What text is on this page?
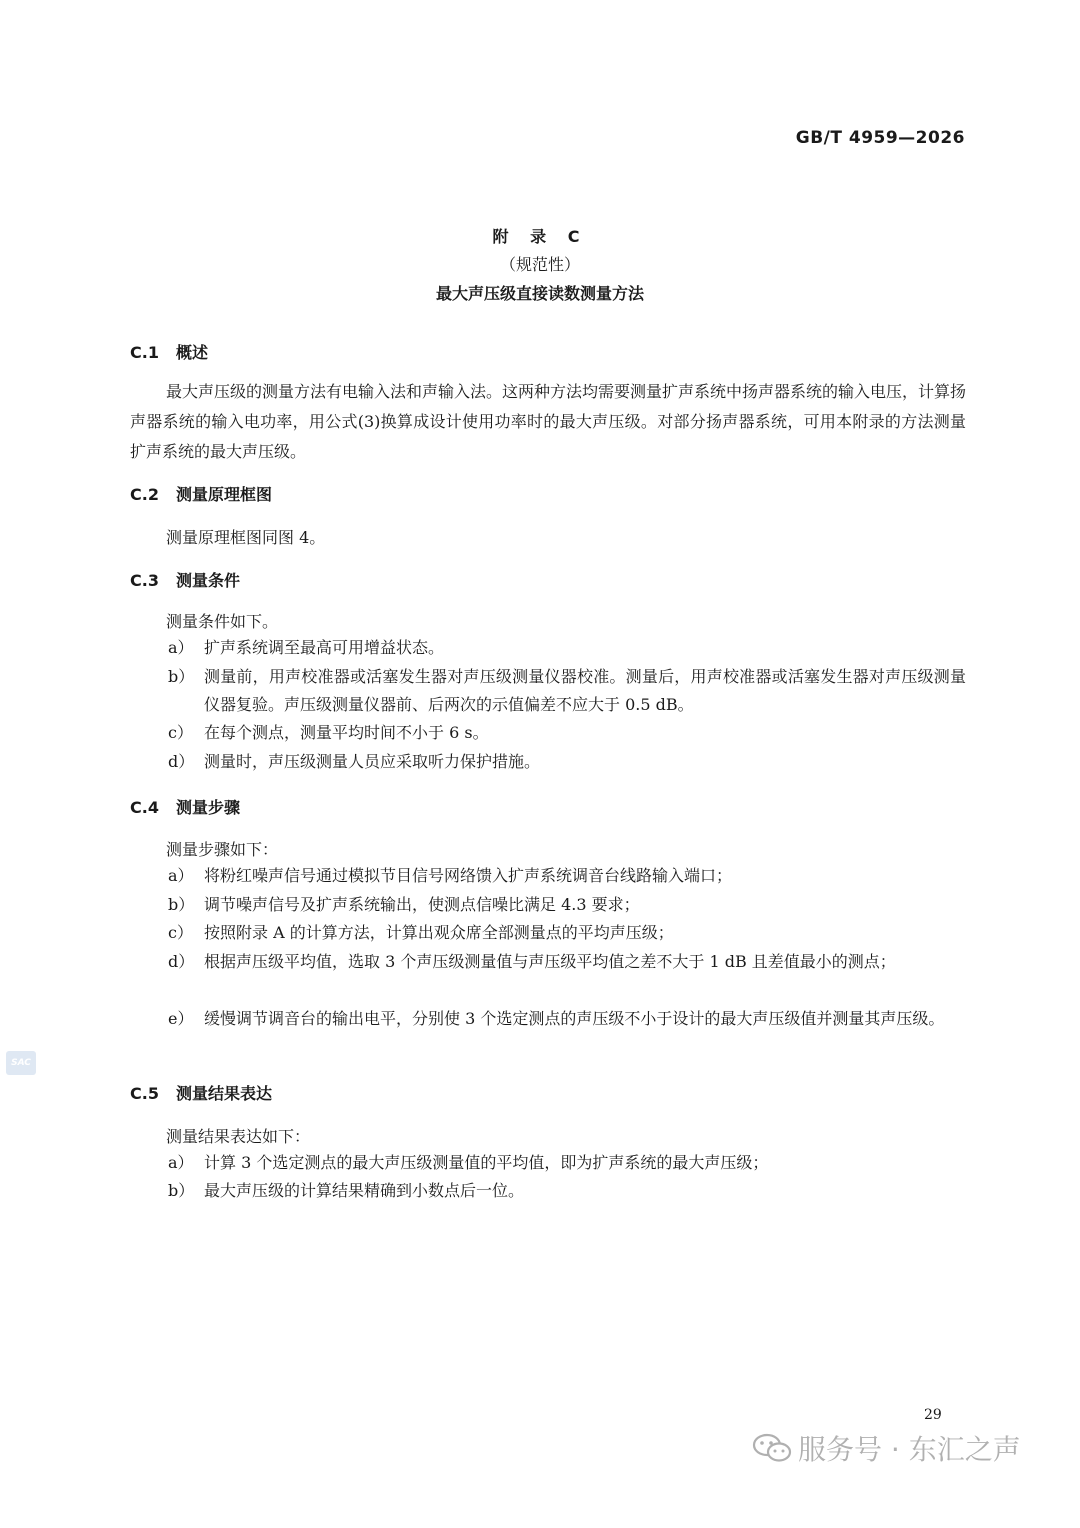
GB/T 4959—2026
附 录 C
（规范性）
最大声压级直接读数测量方法
C.1 概述
最大声压级的测量方法有电输入法和声输入法。这两种方法均需要测量扩声系统中扬声器系统的输入电压，计算扬声器系统的输入电功率，用公式(3)换算成设计使用功率时的最大声压级。对部分扬声器系统，可用本附录的方法测量扩声系统的最大声压级。
C.2 测量原理框图
测量原理框图同图 4。
C.3 测量条件
测量条件如下。
a） 扩声系统调至最高可用增益状态。
b） 测量前，用声校准器或活塞发生器对声压级测量仪器校准。测量后，用声校准器或活塞发生器对声压级测量仪器复验。声压级测量仪器前、后两次的示值偏差不应大于 0.5 dB。
c） 在每个测点，测量平均时间不小于 6 s。
d） 测量时，声压级测量人员应采取听力保护措施。
C.4 测量步骤
测量步骤如下：
a） 将粉红噪声信号通过模拟节目信号网络馈入扩声系统调音台线路输入端口；
b） 调节噪声信号及扩声系统输出，使测点信噪比满足 4.3 要求；
c） 按照附录 A 的计算方法，计算出观众席全部测量点的平均声压级；
d） 根据声压级平均值，选取 3 个声压级测量值与声压级平均值之差不大于 1 dB 且差值最小的测点；
e） 缓慢调节调音台的输出电平，分别使 3 个选定测点的声压级不小于设计的最大声压级值并测量其声压级。
SAC
C.5 测量结果表达
测量结果表达如下：
a） 计算 3 个选定测点的最大声压级测量值的平均值，即为扩声系统的最大声压级；
b） 最大声压级的计算结果精确到小数点后一位。
29
服务号 · 东汇之声
